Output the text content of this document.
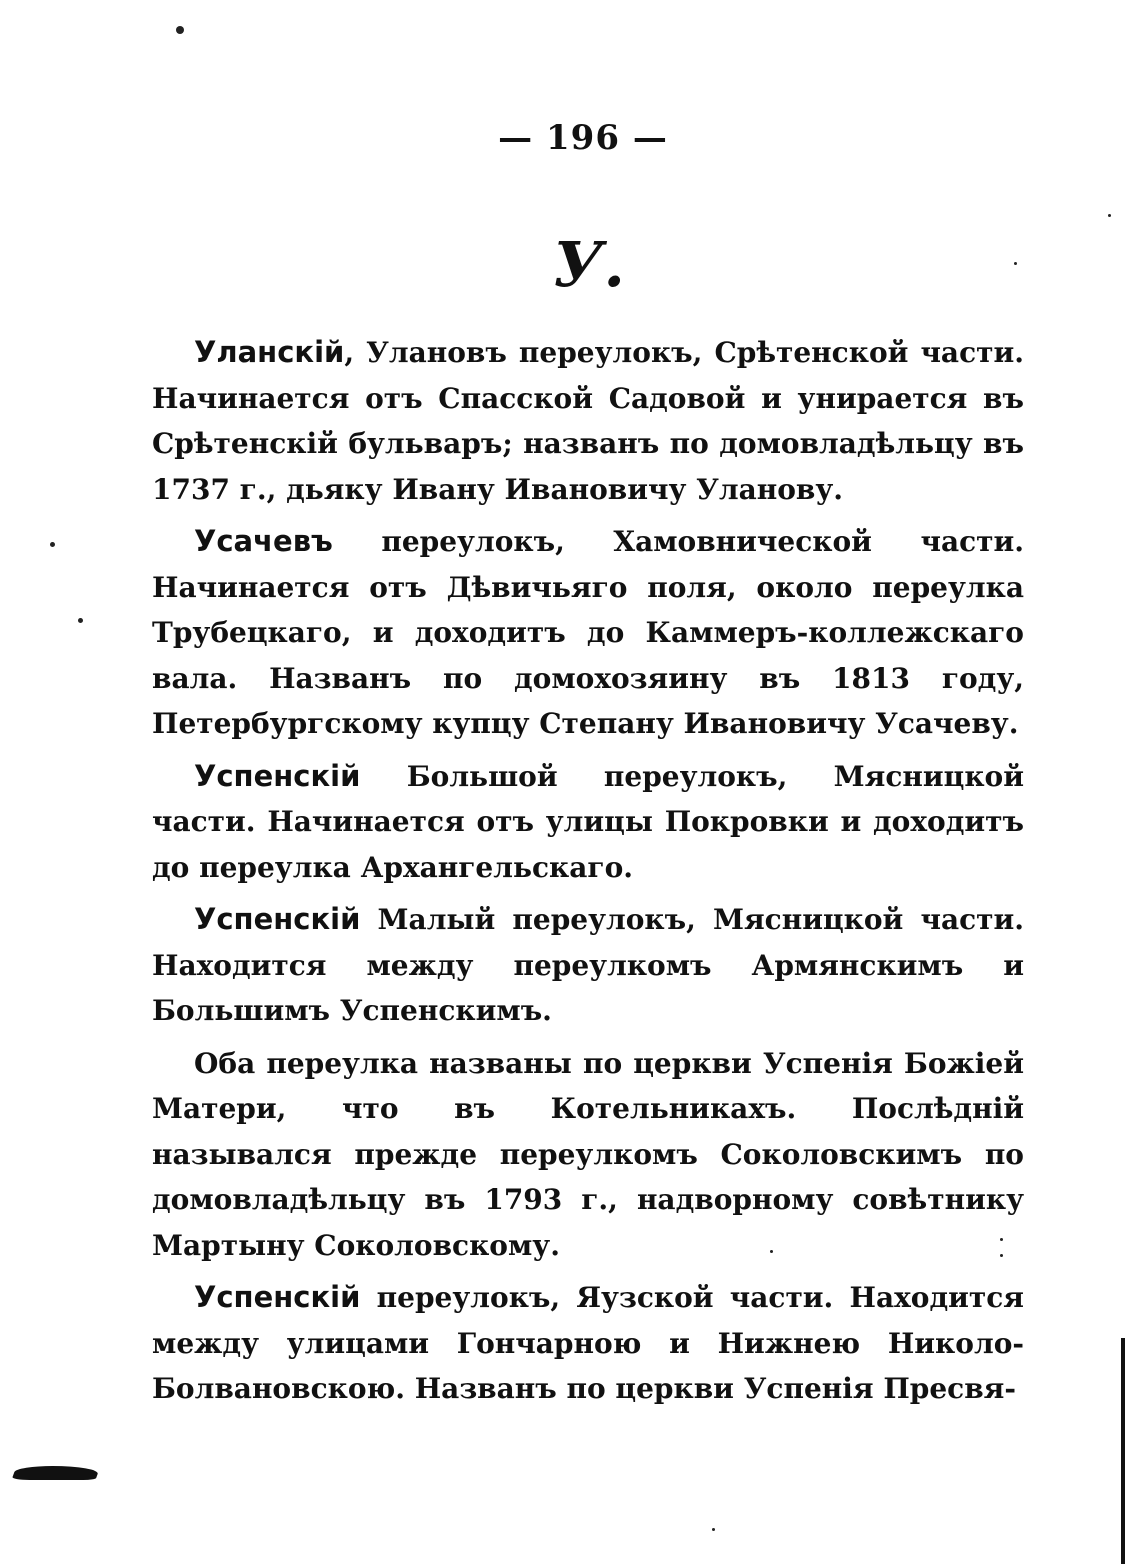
— 196 —
У.

Уланскій, Улановъ переулокъ, Срѣтенской части. Начинается отъ Спасской Садовой и унирается въ Срѣтенскій бульваръ; названъ по домовладѣльцу въ 1737 г., дьяку Ивану Ивановичу Уланову.

Усачевъ переулокъ, Хамовнической части. Начинается отъ Дѣвичьяго поля, около переулка Трубецкаго, и доходитъ до Каммеръ-коллежскаго вала. Названъ по домохозяину въ 1813 году, Петербургскому купцу Степану Ивановичу Усачеву.

Успенскій Большой переулокъ, Мясницкой части. Начинается отъ улицы Покровки и доходитъ до переулка Архангельскаго.

Успенскій Малый переулокъ, Мясницкой части. Находится между переулкомъ Армянскимъ и Большимъ Успенскимъ.

Оба переулка названы по церкви Успенія Божіей Матери, что въ Котельникахъ. Послѣдній назывался прежде переулкомъ Соколовскимъ по домовладѣльцу въ 1793 г., надворному совѣтнику Мартыну Соколовскому.

Успенскій переулокъ, Яузской части. Находится между улицами Гончарною и Нижнею Николо-Болвановскою. Названъ по церкви Успенія Пресвя-
